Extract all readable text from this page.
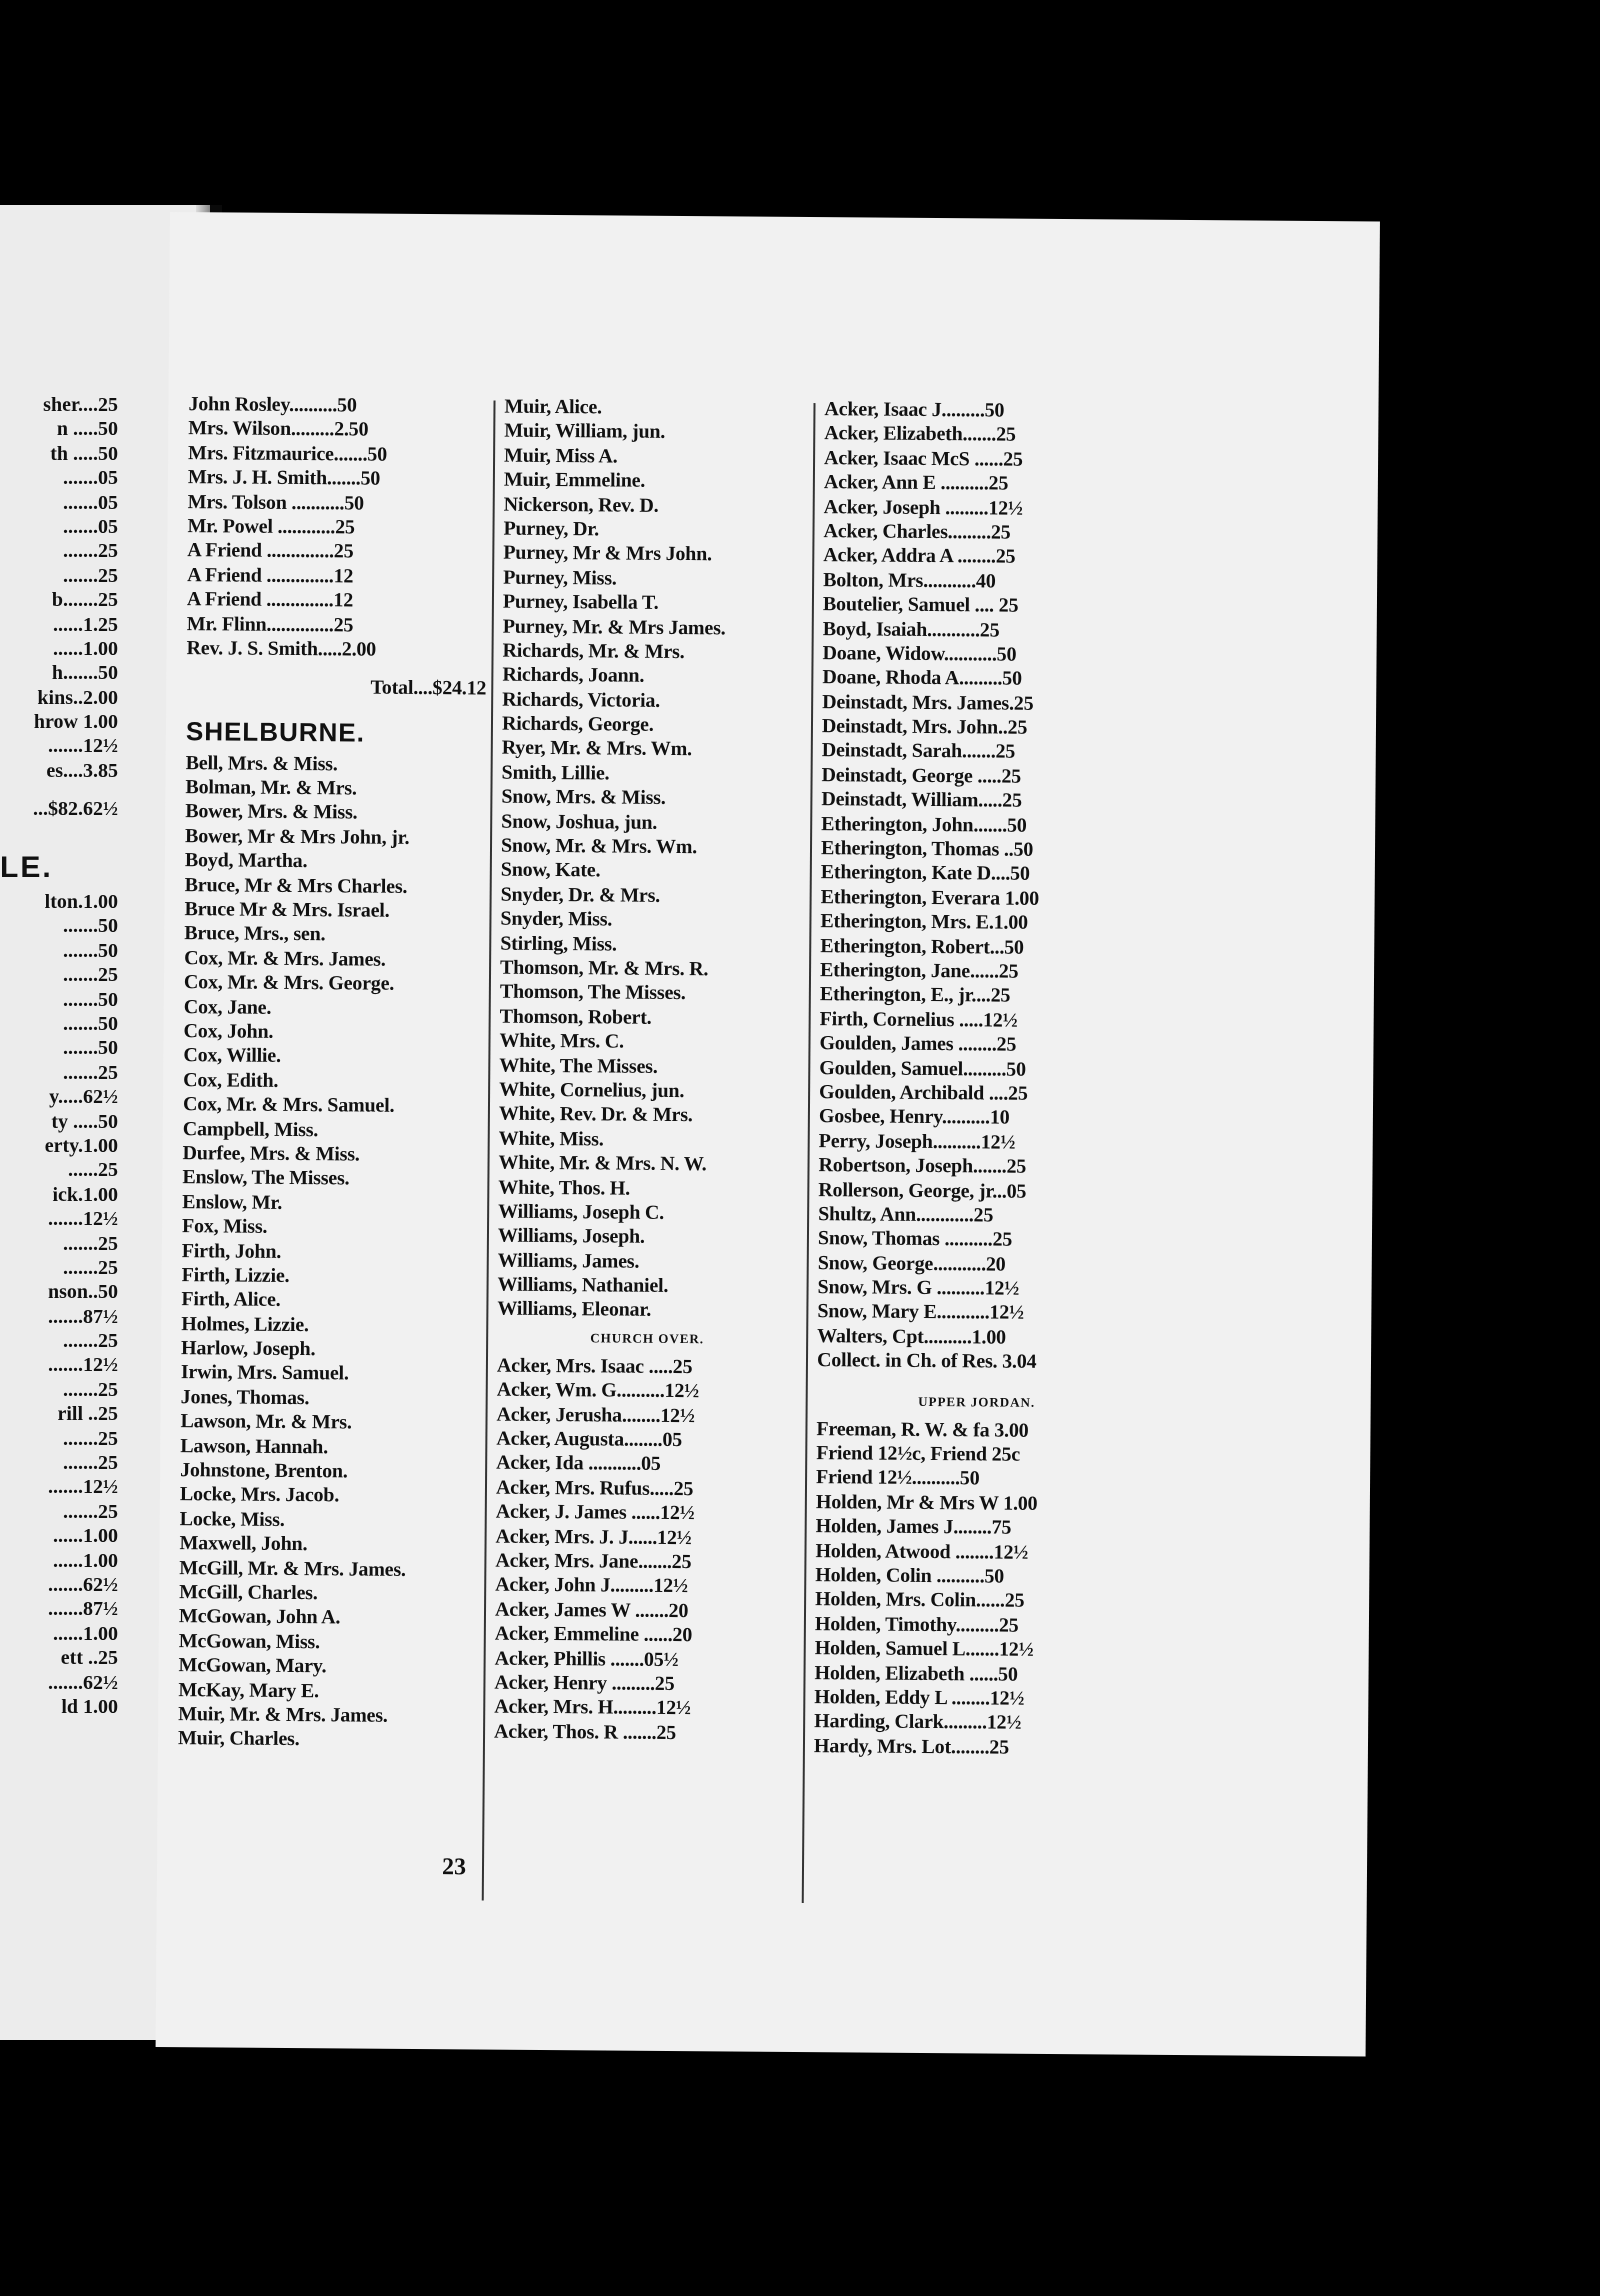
sher....25
n .....50
th .....50
.......05
.......05
.......05
.......25
.......25
b.......25
......1.25
......1.00
h.......50
kins..2.00
hrow 1.00
.......12½
es....3.85
...$82.62½
LE.
lton.1.00
.......50
.......50
.......25
.......50
.......50
.......50
.......25
y.....62½
ty .....50
erty.1.00
......25
ick.1.00
.......12½
.......25
.......25
nson..50
.......87½
.......25
.......12½
.......25
rill ..25
.......25
.......25
.......12½
.......25
......1.00
......1.00
.......62½
.......87½
......1.00
ett ..25
.......62½
ld 1.00
John Rosley..........50
Mrs. Wilson.........2.50
Mrs. Fitzmaurice.......50
Mrs. J. H. Smith.......50
Mrs. Tolson ...........50
Mr. Powel ............25
A Friend ..............25
A Friend ..............12
A Friend ..............12
Mr. Flinn..............25
Rev. J. S. Smith.....2.00
Total....$24.12
SHELBURNE.
Bell, Mrs. & Miss.
Bolman, Mr. & Mrs.
Bower, Mrs. & Miss.
Bower, Mr & Mrs John, jr.
Boyd, Martha.
Bruce, Mr & Mrs Charles.
Bruce Mr & Mrs. Israel.
Bruce, Mrs., sen.
Cox, Mr. & Mrs. James.
Cox, Mr. & Mrs. George.
Cox, Jane.
Cox, John.
Cox, Willie.
Cox, Edith.
Cox, Mr. & Mrs. Samuel.
Campbell, Miss.
Durfee, Mrs. & Miss.
Enslow, The Misses.
Enslow, Mr.
Fox, Miss.
Firth, John.
Firth, Lizzie.
Firth, Alice.
Holmes, Lizzie.
Harlow, Joseph.
Irwin, Mrs. Samuel.
Jones, Thomas.
Lawson, Mr. & Mrs.
Lawson, Hannah.
Johnstone, Brenton.
Locke, Mrs. Jacob.
Locke, Miss.
Maxwell, John.
McGill, Mr. & Mrs. James.
McGill, Charles.
McGowan, John A.
McGowan, Miss.
McGowan, Mary.
McKay, Mary E.
Muir, Mr. & Mrs. James.
Muir, Charles.
Muir, Alice.
Muir, William, jun.
Muir, Miss A.
Muir, Emmeline.
Nickerson, Rev. D.
Purney, Dr.
Purney, Mr & Mrs John.
Purney, Miss.
Purney, Isabella T.
Purney, Mr. & Mrs James.
Richards, Mr. & Mrs.
Richards, Joann.
Richards, Victoria.
Richards, George.
Ryer, Mr. & Mrs. Wm.
Smith, Lillie.
Snow, Mrs. & Miss.
Snow, Joshua, jun.
Snow, Mr. & Mrs. Wm.
Snow, Kate.
Snyder, Dr. & Mrs.
Snyder, Miss.
Stirling, Miss.
Thomson, Mr. & Mrs. R.
Thomson, The Misses.
Thomson, Robert.
White, Mrs. C.
White, The Misses.
White, Cornelius, jun.
White, Rev. Dr. & Mrs.
White, Miss.
White, Mr. & Mrs. N. W.
White, Thos. H.
Williams, Joseph C.
Williams, Joseph.
Williams, James.
Williams, Nathaniel.
Williams, Eleonar.
CHURCH OVER.
Acker, Mrs. Isaac .....25
Acker, Wm. G..........12½
Acker, Jerusha........12½
Acker, Augusta........05
Acker, Ida ...........05
Acker, Mrs. Rufus.....25
Acker, J. James ......12½
Acker, Mrs. J. J......12½
Acker, Mrs. Jane.......25
Acker, John J.........12½
Acker, James W .......20
Acker, Emmeline ......20
Acker, Phillis .......05½
Acker, Henry .........25
Acker, Mrs. H.........12½
Acker, Thos. R .......25
Acker, Isaac J.........50
Acker, Elizabeth.......25
Acker, Isaac McS ......25
Acker, Ann E ..........25
Acker, Joseph .........12½
Acker, Charles.........25
Acker, Addra A ........25
Bolton, Mrs...........40
Boutelier, Samuel .... 25
Boyd, Isaiah...........25
Doane, Widow...........50
Doane, Rhoda A.........50
Deinstadt, Mrs. James.25
Deinstadt, Mrs. John..25
Deinstadt, Sarah.......25
Deinstadt, George .....25
Deinstadt, William.....25
Etherington, John.......50
Etherington, Thomas ..50
Etherington, Kate D....50
Etherington, Everara 1.00
Etherington, Mrs. E.1.00
Etherington, Robert...50
Etherington, Jane......25
Etherington, E., jr....25
Firth, Cornelius .....12½
Goulden, James ........25
Goulden, Samuel.........50
Goulden, Archibald ....25
Gosbee, Henry..........10
Perry, Joseph..........12½
Robertson, Joseph.......25
Rollerson, George, jr...05
Shultz, Ann............25
Snow, Thomas ..........25
Snow, George...........20
Snow, Mrs. G ..........12½
Snow, Mary E...........12½
Walters, Cpt..........1.00
Collect. in Ch. of Res. 3.04
UPPER JORDAN.
Freeman, R. W. & fa 3.00
Friend 12½c, Friend 25c
Friend 12½..........50
Holden, Mr & Mrs W 1.00
Holden, James J........75
Holden, Atwood ........12½
Holden, Colin ..........50
Holden, Mrs. Colin......25
Holden, Timothy.........25
Holden, Samuel L.......12½
Holden, Elizabeth ......50
Holden, Eddy L ........12½
Harding, Clark.........12½
Hardy, Mrs. Lot........25
23
